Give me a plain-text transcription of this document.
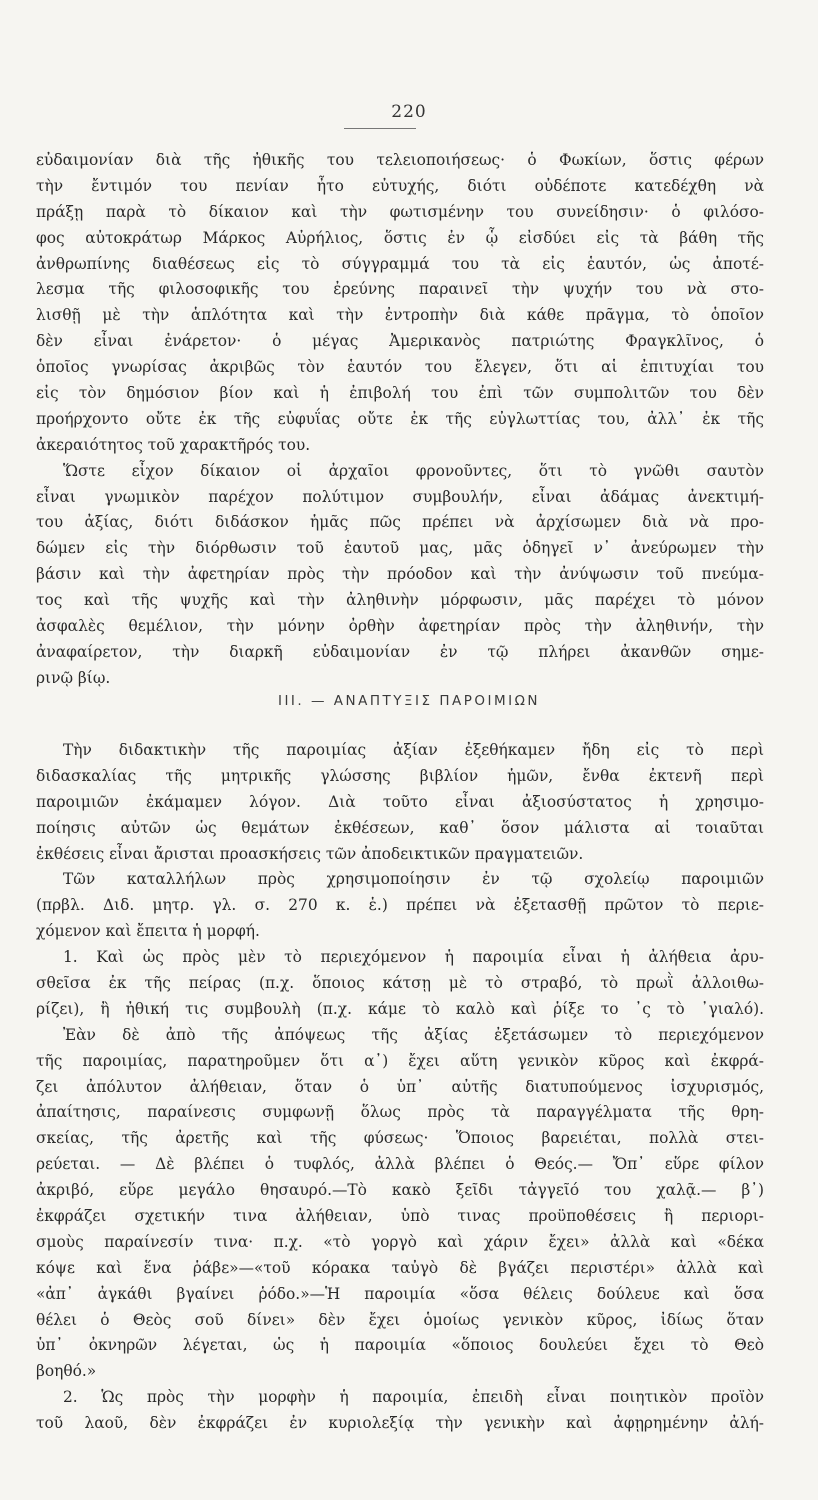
220
εὐδαιμονίαν διὰ τῆς ἠθικῆς του τελειοποιήσεως· ὁ Φωκίων, ὅστις φέρων
τὴν ἔντιμόν του πενίαν ἦτο εὐτυχής, διότι οὐδέποτε κατεδέχθη νὰ
πράξῃ παρὰ τὸ δίκαιον καὶ τὴν φωτισμένην του συνείδησιν· ὁ φιλόσο-
φος αὐτοκράτωρ Μάρκος Αὐρήλιος, ὅστις ἐν ᾧ εἰσδύει εἰς τὰ βάθη τῆς
ἀνθρωπίνης διαθέσεως εἰς τὸ σύγγραμμά του τὰ εἰς ἑαυτόν, ὡς ἀποτέ-
λεσμα τῆς φιλοσοφικῆς του ἐρεύνης παραινεῖ τὴν ψυχήν του νὰ στο-
λισθῇ μὲ τὴν ἁπλότητα καὶ τὴν ἐντροπὴν διὰ κάθε πρᾶγμα, τὸ ὁποῖον
δὲν εἶναι ἐνάρετον· ὁ μέγας Ἀμερικανὸς πατριώτης Φραγκλῖνος, ὁ
ὁποῖος γνωρίσας ἀκριβῶς τὸν ἑαυτόν του ἔλεγεν, ὅτι αἱ ἐπιτυχίαι του
εἰς τὸν δημόσιον βίον καὶ ἡ ἐπιβολή του ἐπὶ τῶν συμπολιτῶν του δὲν
προήρχοντο οὔτε ἐκ τῆς εὐφυΐας οὔτε ἐκ τῆς εὐγλωττίας του, ἀλλ᾽ ἐκ τῆς
ἀκεραιότητος τοῦ χαρακτῆρός του.
Ὥστε εἶχον δίκαιον οἱ ἀρχαῖοι φρονοῦντες, ὅτι τὸ γνῶθι σαυτὸν
εἶναι γνωμικὸν παρέχον πολύτιμον συμβουλήν, εἶναι ἀδάμας ἀνεκτιμή-
του ἀξίας, διότι διδάσκον ἡμᾶς πῶς πρέπει νὰ ἀρχίσωμεν διὰ νὰ προ-
δώμεν εἰς τὴν διόρθωσιν τοῦ ἑαυτοῦ μας, μᾶς ὁδηγεῖ ν᾽ ἀνεύρωμεν τὴν
βάσιν καὶ τὴν ἀφετηρίαν πρὸς τὴν πρόοδον καὶ τὴν ἀνύψωσιν τοῦ πνεύμα-
τος καὶ τῆς ψυχῆς καὶ τὴν ἀληθινὴν μόρφωσιν, μᾶς παρέχει τὸ μόνον
ἀσφαλὲς θεμέλιον, τὴν μόνην ὀρθὴν ἀφετηρίαν πρὸς τὴν ἀληθινήν, τὴν
ἀναφαίρετον, τὴν διαρκῆ εὐδαιμονίαν ἐν τῷ πλήρει ἀκανθῶν σημε-
ρινῷ βίῳ.
ΙΙΙ. — ΑΝΑΠΤΥΞΙΣ ΠΑΡΟΙΜΙΩΝ
Τὴν διδακτικὴν τῆς παροιμίας ἀξίαν ἐξεθήκαμεν ἤδη εἰς τὸ περὶ
διδασκαλίας τῆς μητρικῆς γλώσσης βιβλίον ἡμῶν, ἔνθα ἐκτενῆ περὶ
παροιμιῶν ἐκάμαμεν λόγον. Διὰ τοῦτο εἶναι ἀξιοσύστατος ἡ χρησιμο-
ποίησις αὐτῶν ὡς θεμάτων ἐκθέσεων, καθ᾽ ὅσον μάλιστα αἱ τοιαῦται
ἐκθέσεις εἶναι ἄρισται προασκήσεις τῶν ἀποδεικτικῶν πραγματειῶν.
Τῶν καταλλήλων πρὸς χρησιμοποίησιν ἐν τῷ σχολείῳ παροιμιῶν
(πρβλ. Διδ. μητρ. γλ. σ. 270 κ. ἑ.) πρέπει νὰ ἐξετασθῇ πρῶτον τὸ περιε-
χόμενον καὶ ἔπειτα ἡ μορφή.
1. Καὶ ὡς πρὸς μὲν τὸ περιεχόμενον ἡ παροιμία εἶναι ἡ ἀλήθεια ἀρυ-
σθεῖσα ἐκ τῆς πείρας (π.χ. ὅποιος κάτσῃ μὲ τὸ στραβό, τὸ πρωῒ ἀλλοιθω-
ρίζει), ἢ ἠθική τις συμβουλὴ (π.χ. κάμε τὸ καλὸ καὶ ῥίξε το ᾽ς τὸ ᾽γιαλό).
Ἐὰν δὲ ἀπὸ τῆς ἀπόψεως τῆς ἀξίας ἐξετάσωμεν τὸ περιεχόμενον
τῆς παροιμίας, παρατηροῦμεν ὅτι α᾽) ἔχει αὕτη γενικὸν κῦρος καὶ ἐκφρά-
ζει ἀπόλυτον ἀλήθειαν, ὅταν ὁ ὑπ᾽ αὐτῆς διατυπούμενος ἰσχυρισμός,
ἀπαίτησις, παραίνεσις συμφωνῇ ὅλως πρὸς τὰ παραγγέλματα τῆς θρη-
σκείας, τῆς ἀρετῆς καὶ τῆς φύσεως· Ὅποιος βαρειέται, πολλὰ στει-
ρεύεται. — Δὲ βλέπει ὁ τυφλός, ἀλλὰ βλέπει ὁ Θεός.— Ὄπ᾽ εὕρε φίλον
ἀκριβό, εὕρε μεγάλο θησαυρό.—Τὸ κακὸ ξεῖδι τἀγγεῖό του χαλᾷ.— β᾽)
ἐκφράζει σχετικήν τινα ἀλήθειαν, ὑπὸ τινας προϋποθέσεις ἢ περιορι-
σμοὺς παραίνεσίν τινα· π.χ. «τὸ γοργὸ καὶ χάριν ἔχει» ἀλλὰ καὶ «δέκα
κόψε καὶ ἕνα ῥάβε»—«τοῦ κόρακα ταὐγὸ δὲ βγάζει περιστέρι» ἀλλὰ καὶ
«ἀπ᾽ ἀγκάθι βγαίνει ῥόδο.»—Ἡ παροιμία «ὅσα θέλεις δούλευε καὶ ὅσα
θέλει ὁ Θεὸς σοῦ δίνει» δὲν ἔχει ὁμοίως γενικὸν κῦρος, ἰδίως ὅταν
ὑπ᾽ ὀκνηρῶν λέγεται, ὡς ἡ παροιμία «ὅποιος δουλεύει ἔχει τὸ Θεὸ
βοηθό.»
2. Ὡς πρὸς τὴν μορφὴν ἡ παροιμία, ἐπειδὴ εἶναι ποιητικὸν προϊὸν
τοῦ λαοῦ, δὲν ἐκφράζει ἐν κυριολεξίᾳ τὴν γενικὴν καὶ ἀφῃρημένην ἀλή-
